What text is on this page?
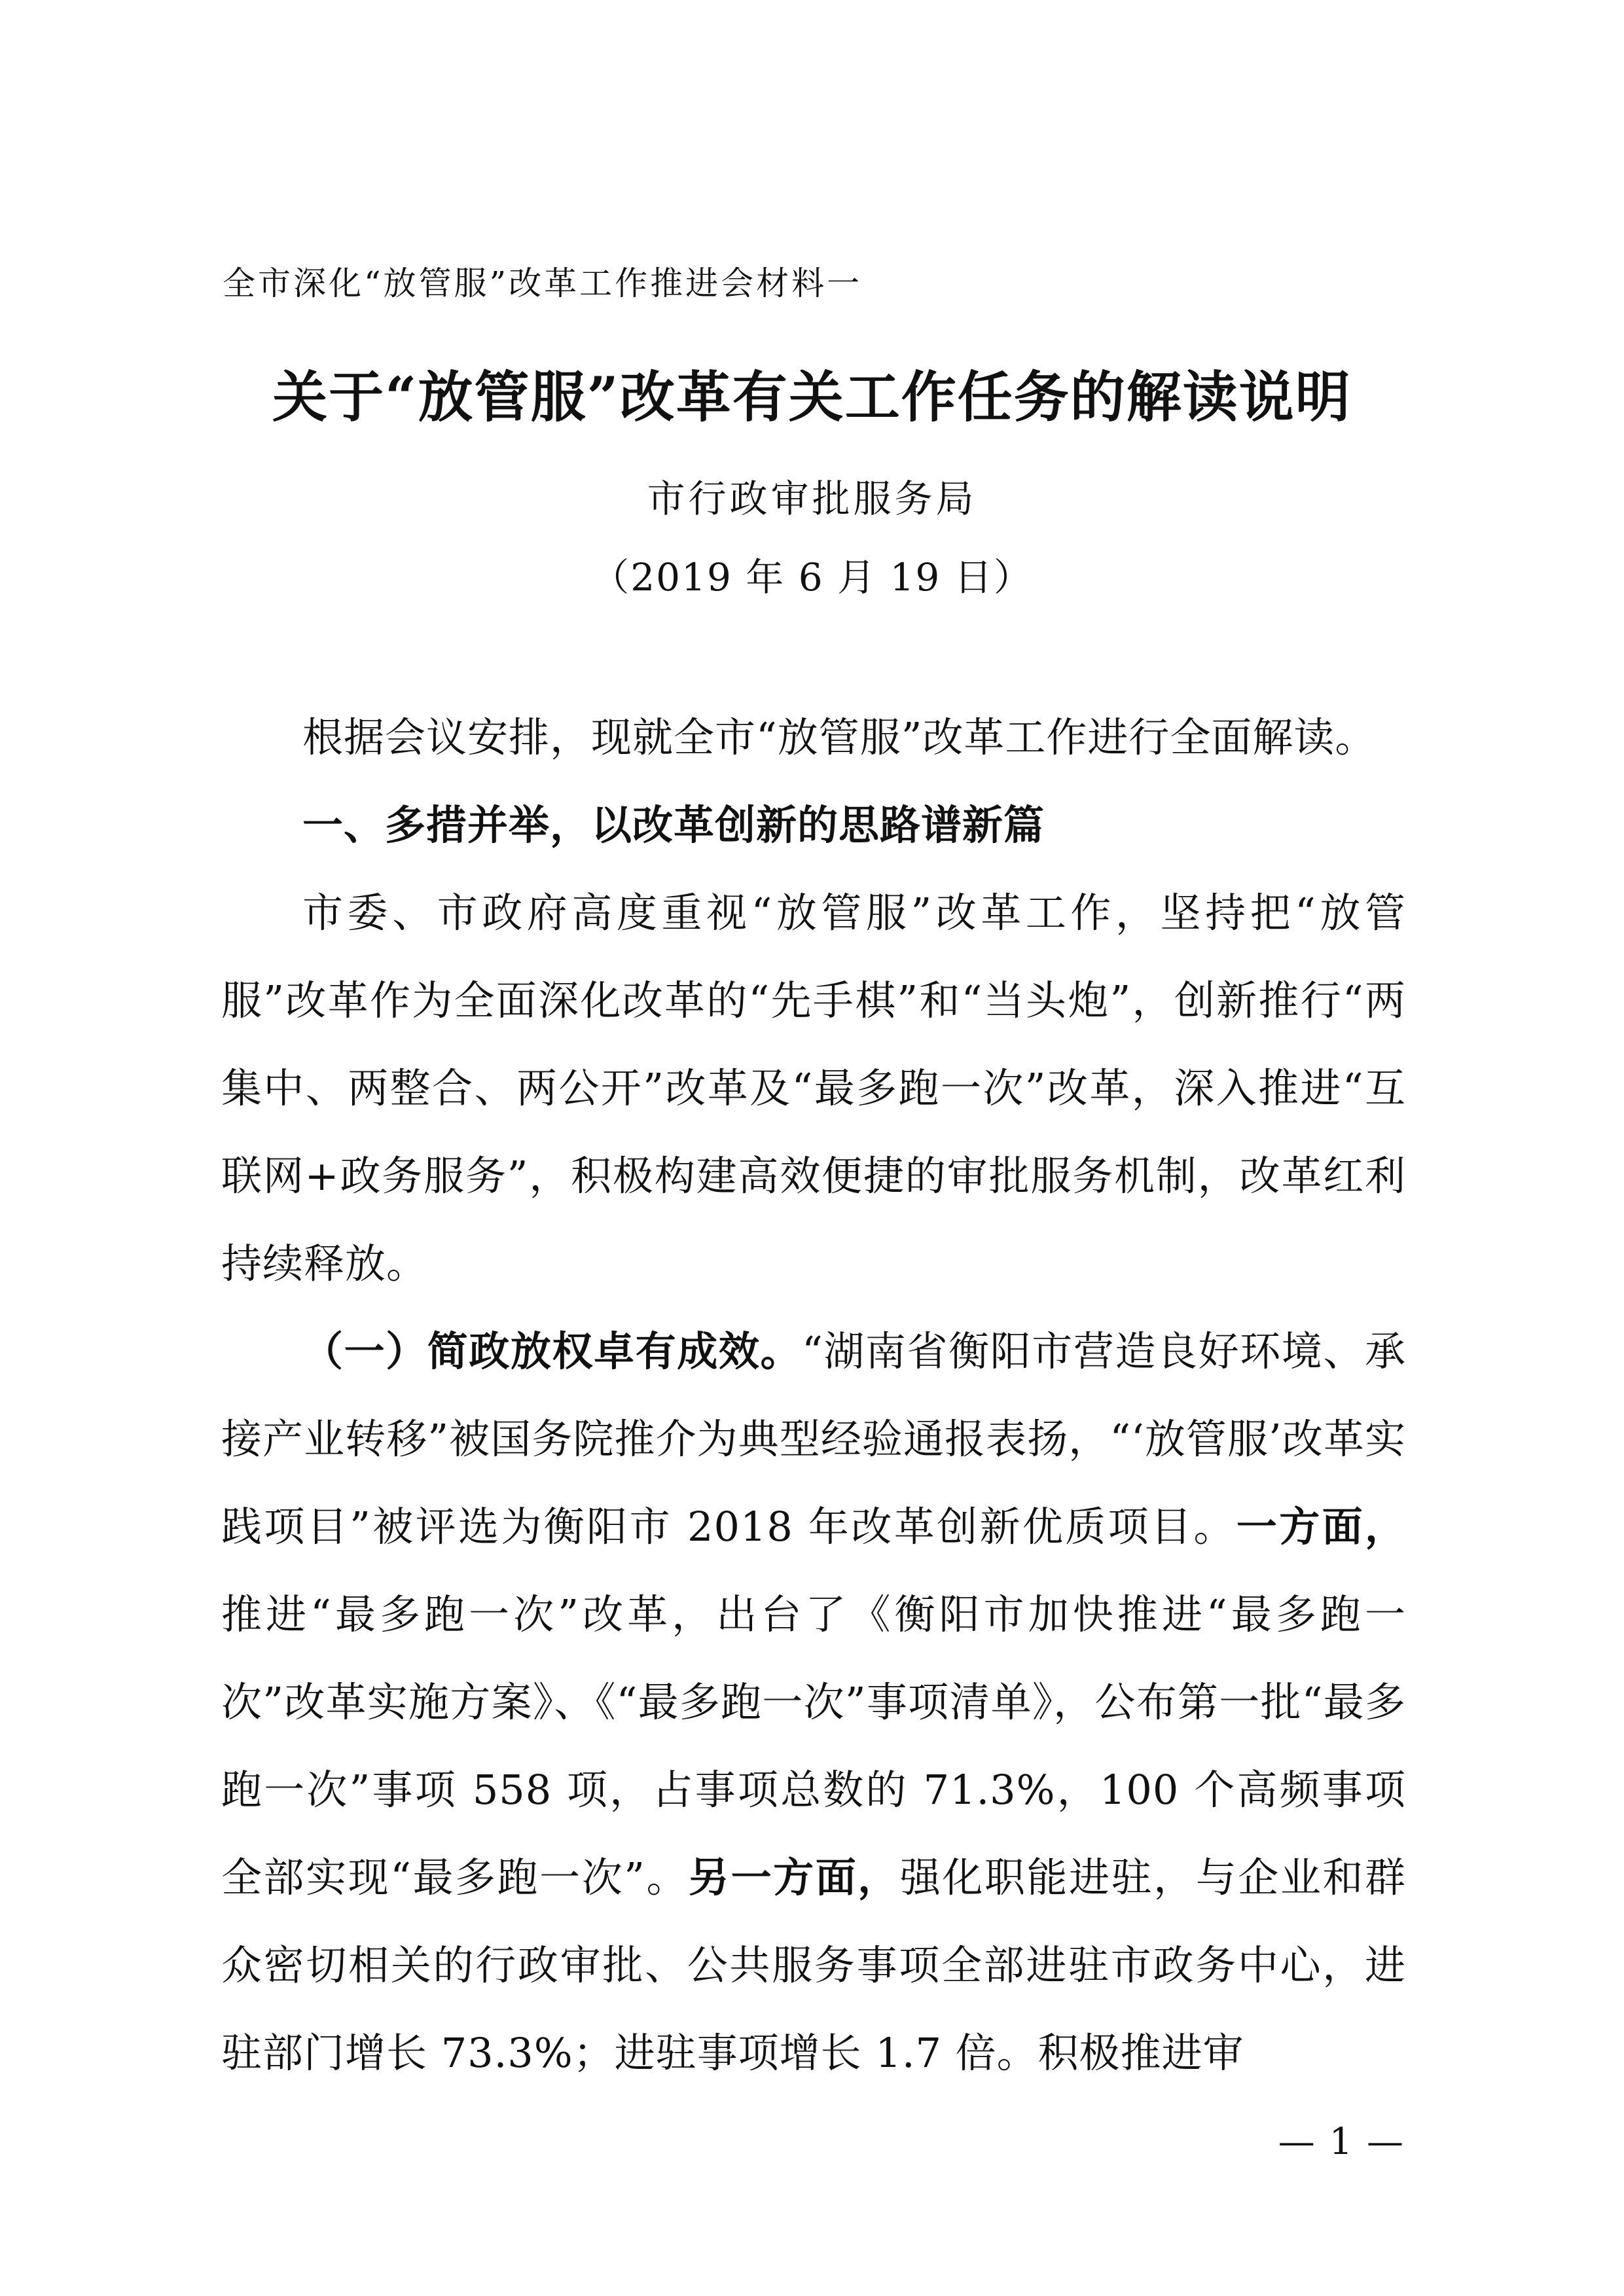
全市深化“放管服”改革工作推进会材料一
关于“放管服”改革有关工作任务的解读说明
市行政审批服务局
（2019 年 6 月 19 日）

根据会议安排，现就全市“放管服”改革工作进行全面解读。

一、多措并举，以改革创新的思路谱新篇

市委、市政府高度重视“放管服”改革工作，坚持把“放管服”改革作为全面深化改革的“先手棋”和“当头炮”，创新推行“两集中、两整合、两公开”改革及“最多跑一次”改革，深入推进“互联网+政务服务”，积极构建高效便捷的审批服务机制，改革红利持续释放。

（一）简政放权卓有成效。“湖南省衡阳市营造良好环境、承接产业转移”被国务院推介为典型经验通报表扬，“‘放管服’改革实践项目”被评选为衡阳市 2018 年改革创新优质项目。一方面，推进“最多跑一次”改革，出台了《衡阳市加快推进“最多跑一次”改革实施方案》、《“最多跑一次”事项清单》，公布第一批“最多跑一次”事项 558 项，占事项总数的 71.3%，100 个高频事项全部实现“最多跑一次”。另一方面，强化职能进驻，与企业和群众密切相关的行政审批、公共服务事项全部进驻市政务中心，进驻部门增长 73.3%；进驻事项增长 1.7 倍。积极推进审

— 1 —
